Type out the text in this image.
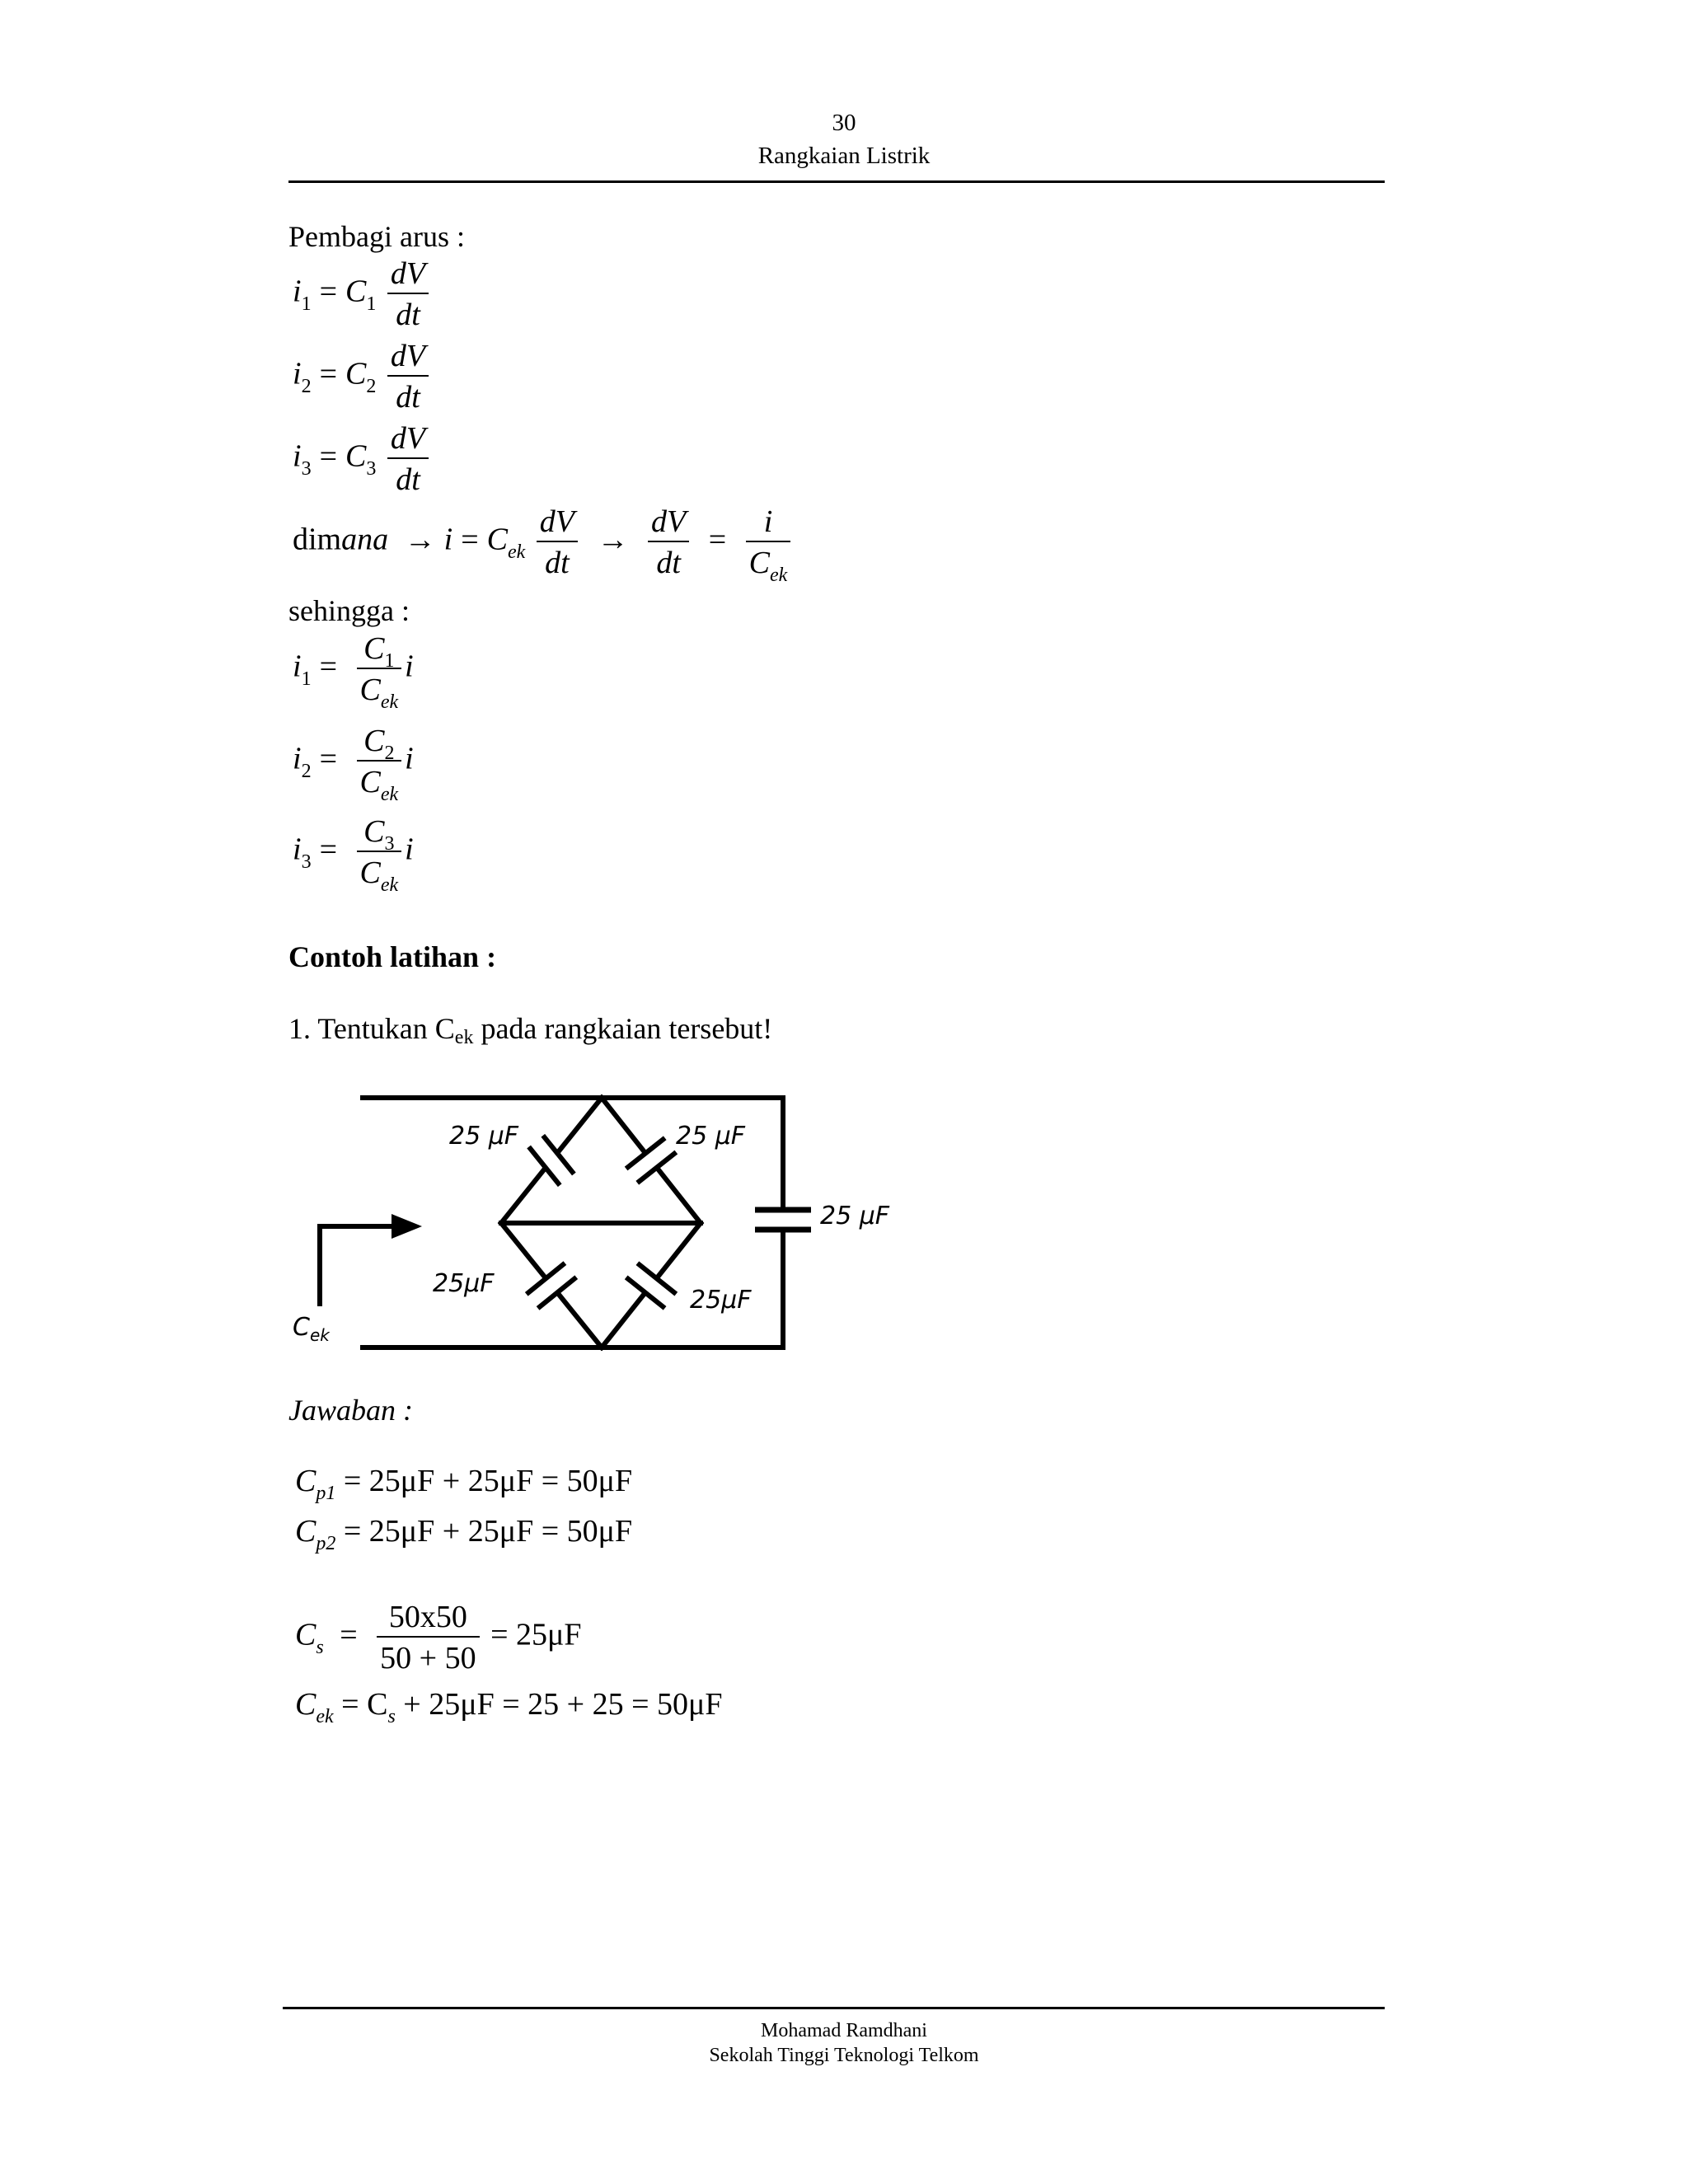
30
Rangkaian Listrik
Pembagi arus :
$i_1 = C_1 \frac{dV}{dt}$
$i_2 = C_2 \frac{dV}{dt}$
$i_3 = C_3 \frac{dV}{dt}$
dimana → $i = C_{ek} \frac{dV}{dt} \to \frac{dV}{dt} = \frac{i}{C_{ek}}$
sehingga :
$i_1 = \frac{C_1}{C_{ek}}$ i
$i_2 = \frac{C_2}{C_{ek}}$ i
$i_3 = \frac{C_3}{C_{ek}}$ i
Contoh latihan :
1. Tentukan Cek pada rangkaian tersebut!
25 μF	25 μF
25 μF
25μF
25μF
C ek
Jawaban :
$C_{p1} = 25\mu F + 25\mu F = 50\mu F$
$C_{p2} = 25\mu F + 25\mu F = 50\mu F$
$C_s = \frac{50x50}{50 + 50} = 25\mu F$
$C_{ek} = C_s + 25\mu F = 25 + 25 = 50\mu F$
Mohamad Ramdhani
Sekolah Tinggi Teknologi Telkom
